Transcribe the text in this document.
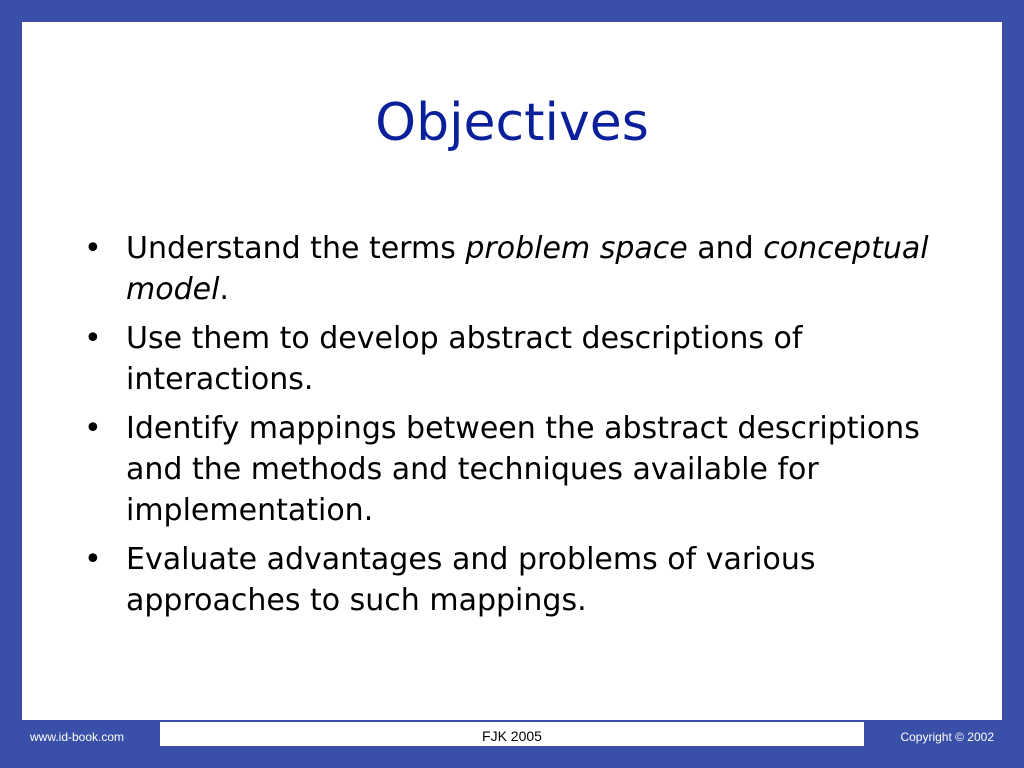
Objectives
• Understand the terms problem space and conceptual model.
• Use them to develop abstract descriptions of interactions.
• Identify mappings between the abstract descriptions and the methods and techniques available for implementation.
• Evaluate advantages and problems of various approaches to such mappings.
www.id-book.com	FJK 2005	Copyright © 2002
